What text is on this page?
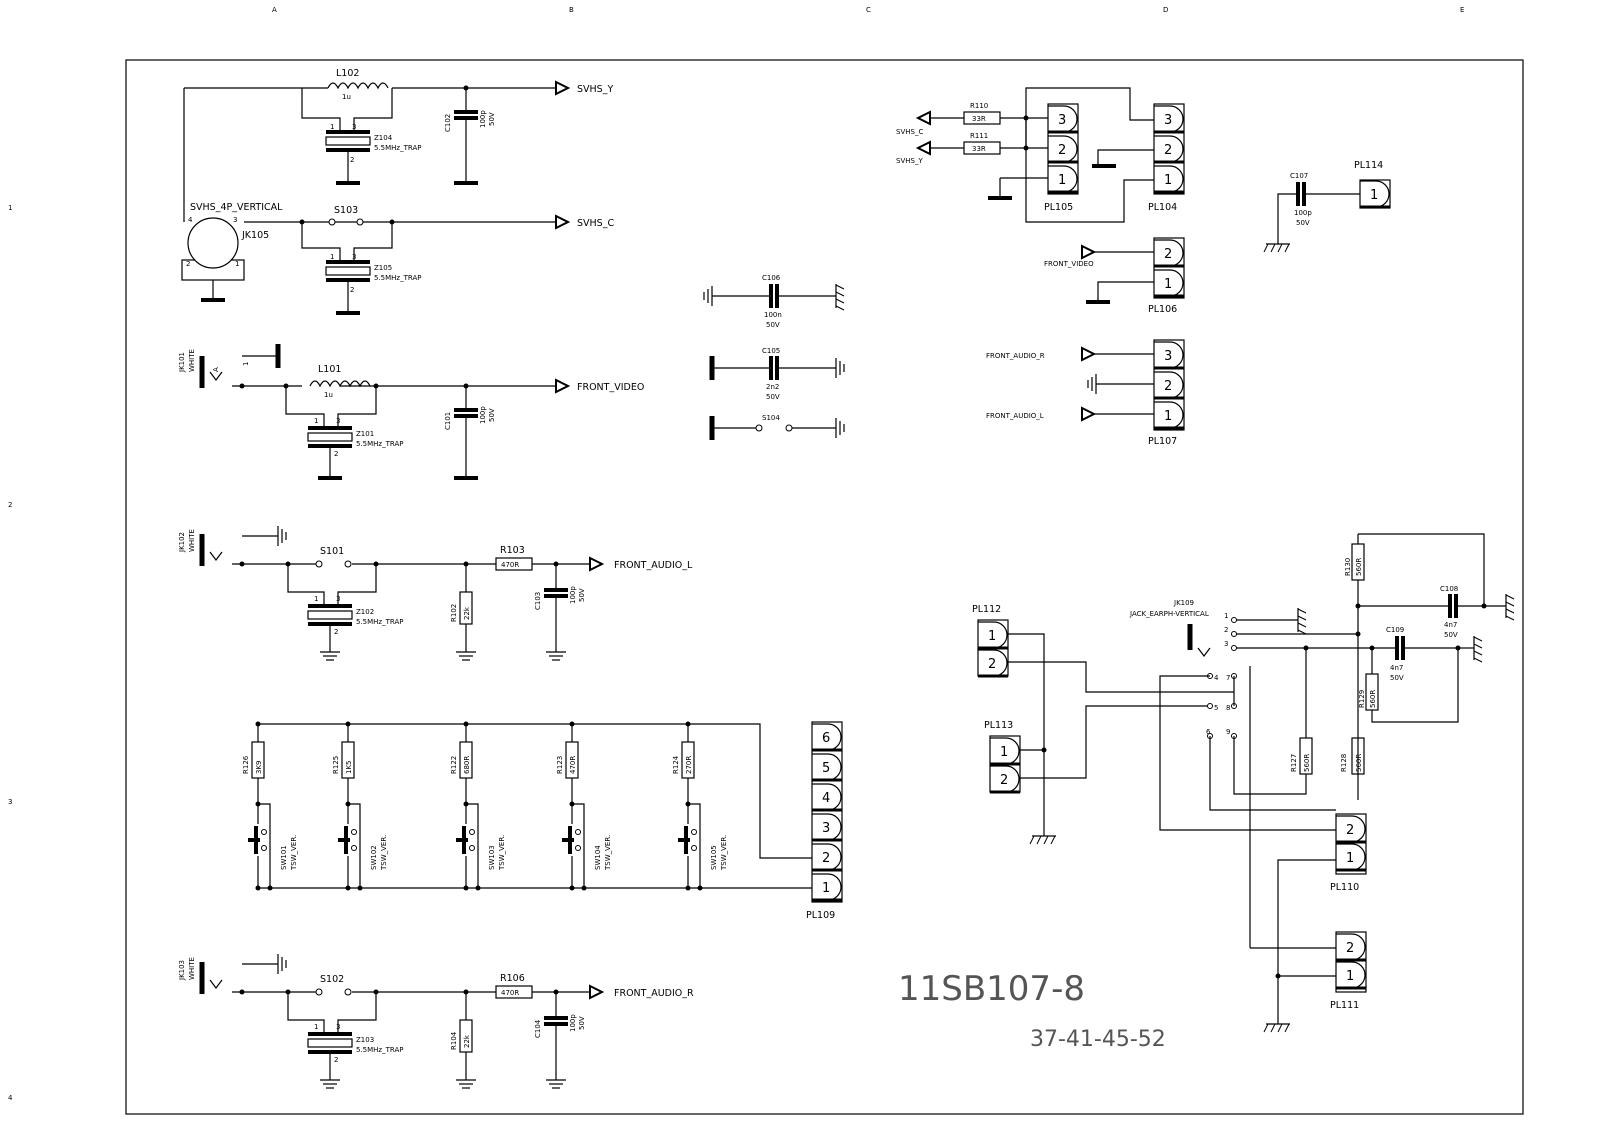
A	B	C	D	E
1
2
3
4
L102
1u
1	3
2
Z104
5.5MHz_TRAP
C102	100p 50V
SVHS_Y
SVHS_4P_VERTICAL
JK105
4	3
2	1
S103
1	3
2
Z105
5.5MHz_TRAP
SVHS_C
JK101 WHITE	1
A	L101
1u
1	3
2
Z101
5.5MHz_TRAP
C101	100p 50V
FRONT_VIDEO
JK102 WHITE	S101
1	3
2
Z102
5.5MHz_TRAP	R102 22k
R103
470R
C103	100p 50V
FRONT_AUDIO_L
R126 3K9
SW101 TSW_VER.
R125 1K5
SW102 TSW_VER.
R122 680R
SW103 TSW_VER.
R123 470R
SW104 TSW_VER.
R124 270R
SW105 TSW_VER.
6
5
4
3
2
1
PL109
JK103 WHITE	S102
1	3
2
Z103
5.5MHz_TRAP	R104 22k
R106
470R
C104	100p 50V
FRONT_AUDIO_R
C106
100n
50V
C105
2n2
50V
S104
SVHS_C
SVHS_Y
R110
33R
R111
33R
3	3
2	2
1	1
2
1
3
2
1
1
PL105	PL104
FRONT_VIDEO
PL106
FRONT_AUDIO_R
FRONT_AUDIO_L
PL107
C107
100p
50V
PL114
PL112
PL113
1
2
1
2
2
1
2
1
JK109
JACK_EARPH-VERTICAL 1
2
3
4 7
5 8
6 9
R130 560R
C108
4n7
50V
R129 560R
C109
4n7
50V
R127 560R	R128 560R
PL110
PL111
11SB107-8
37-41-45-52
